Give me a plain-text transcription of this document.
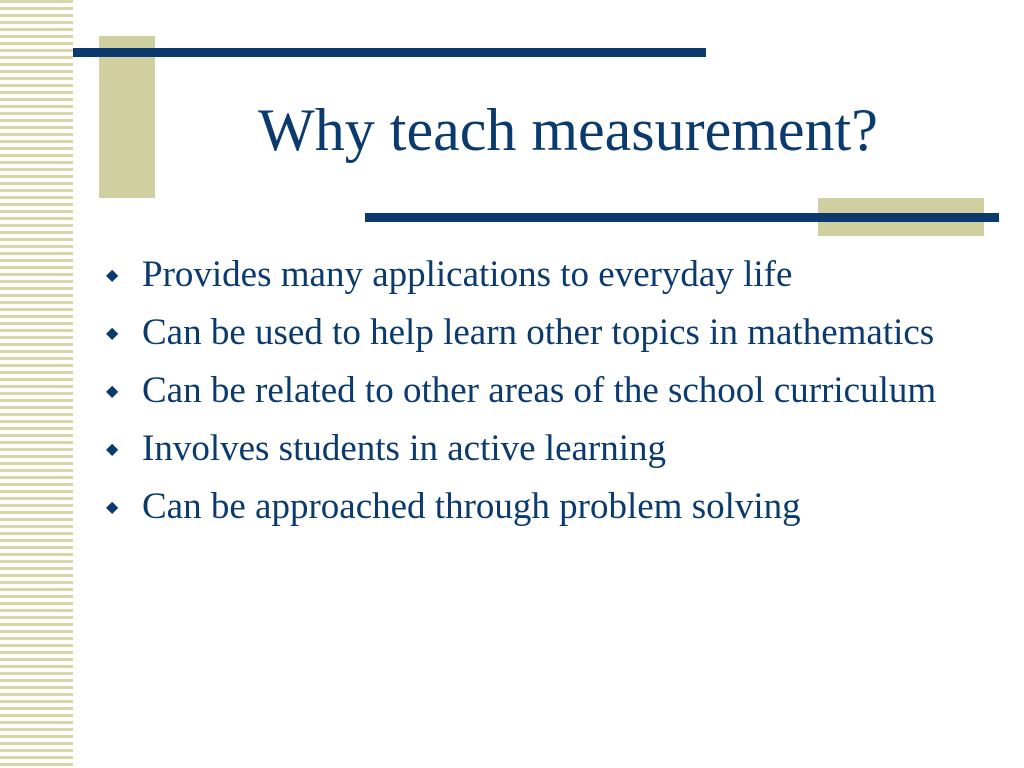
Why teach measurement?
◆ Provides many applications to everyday life
◆ Can be used to help learn other topics in mathematics
◆ Can be related to other areas of the school curriculum
◆ Involves students in active learning
◆ Can be approached through problem solving
